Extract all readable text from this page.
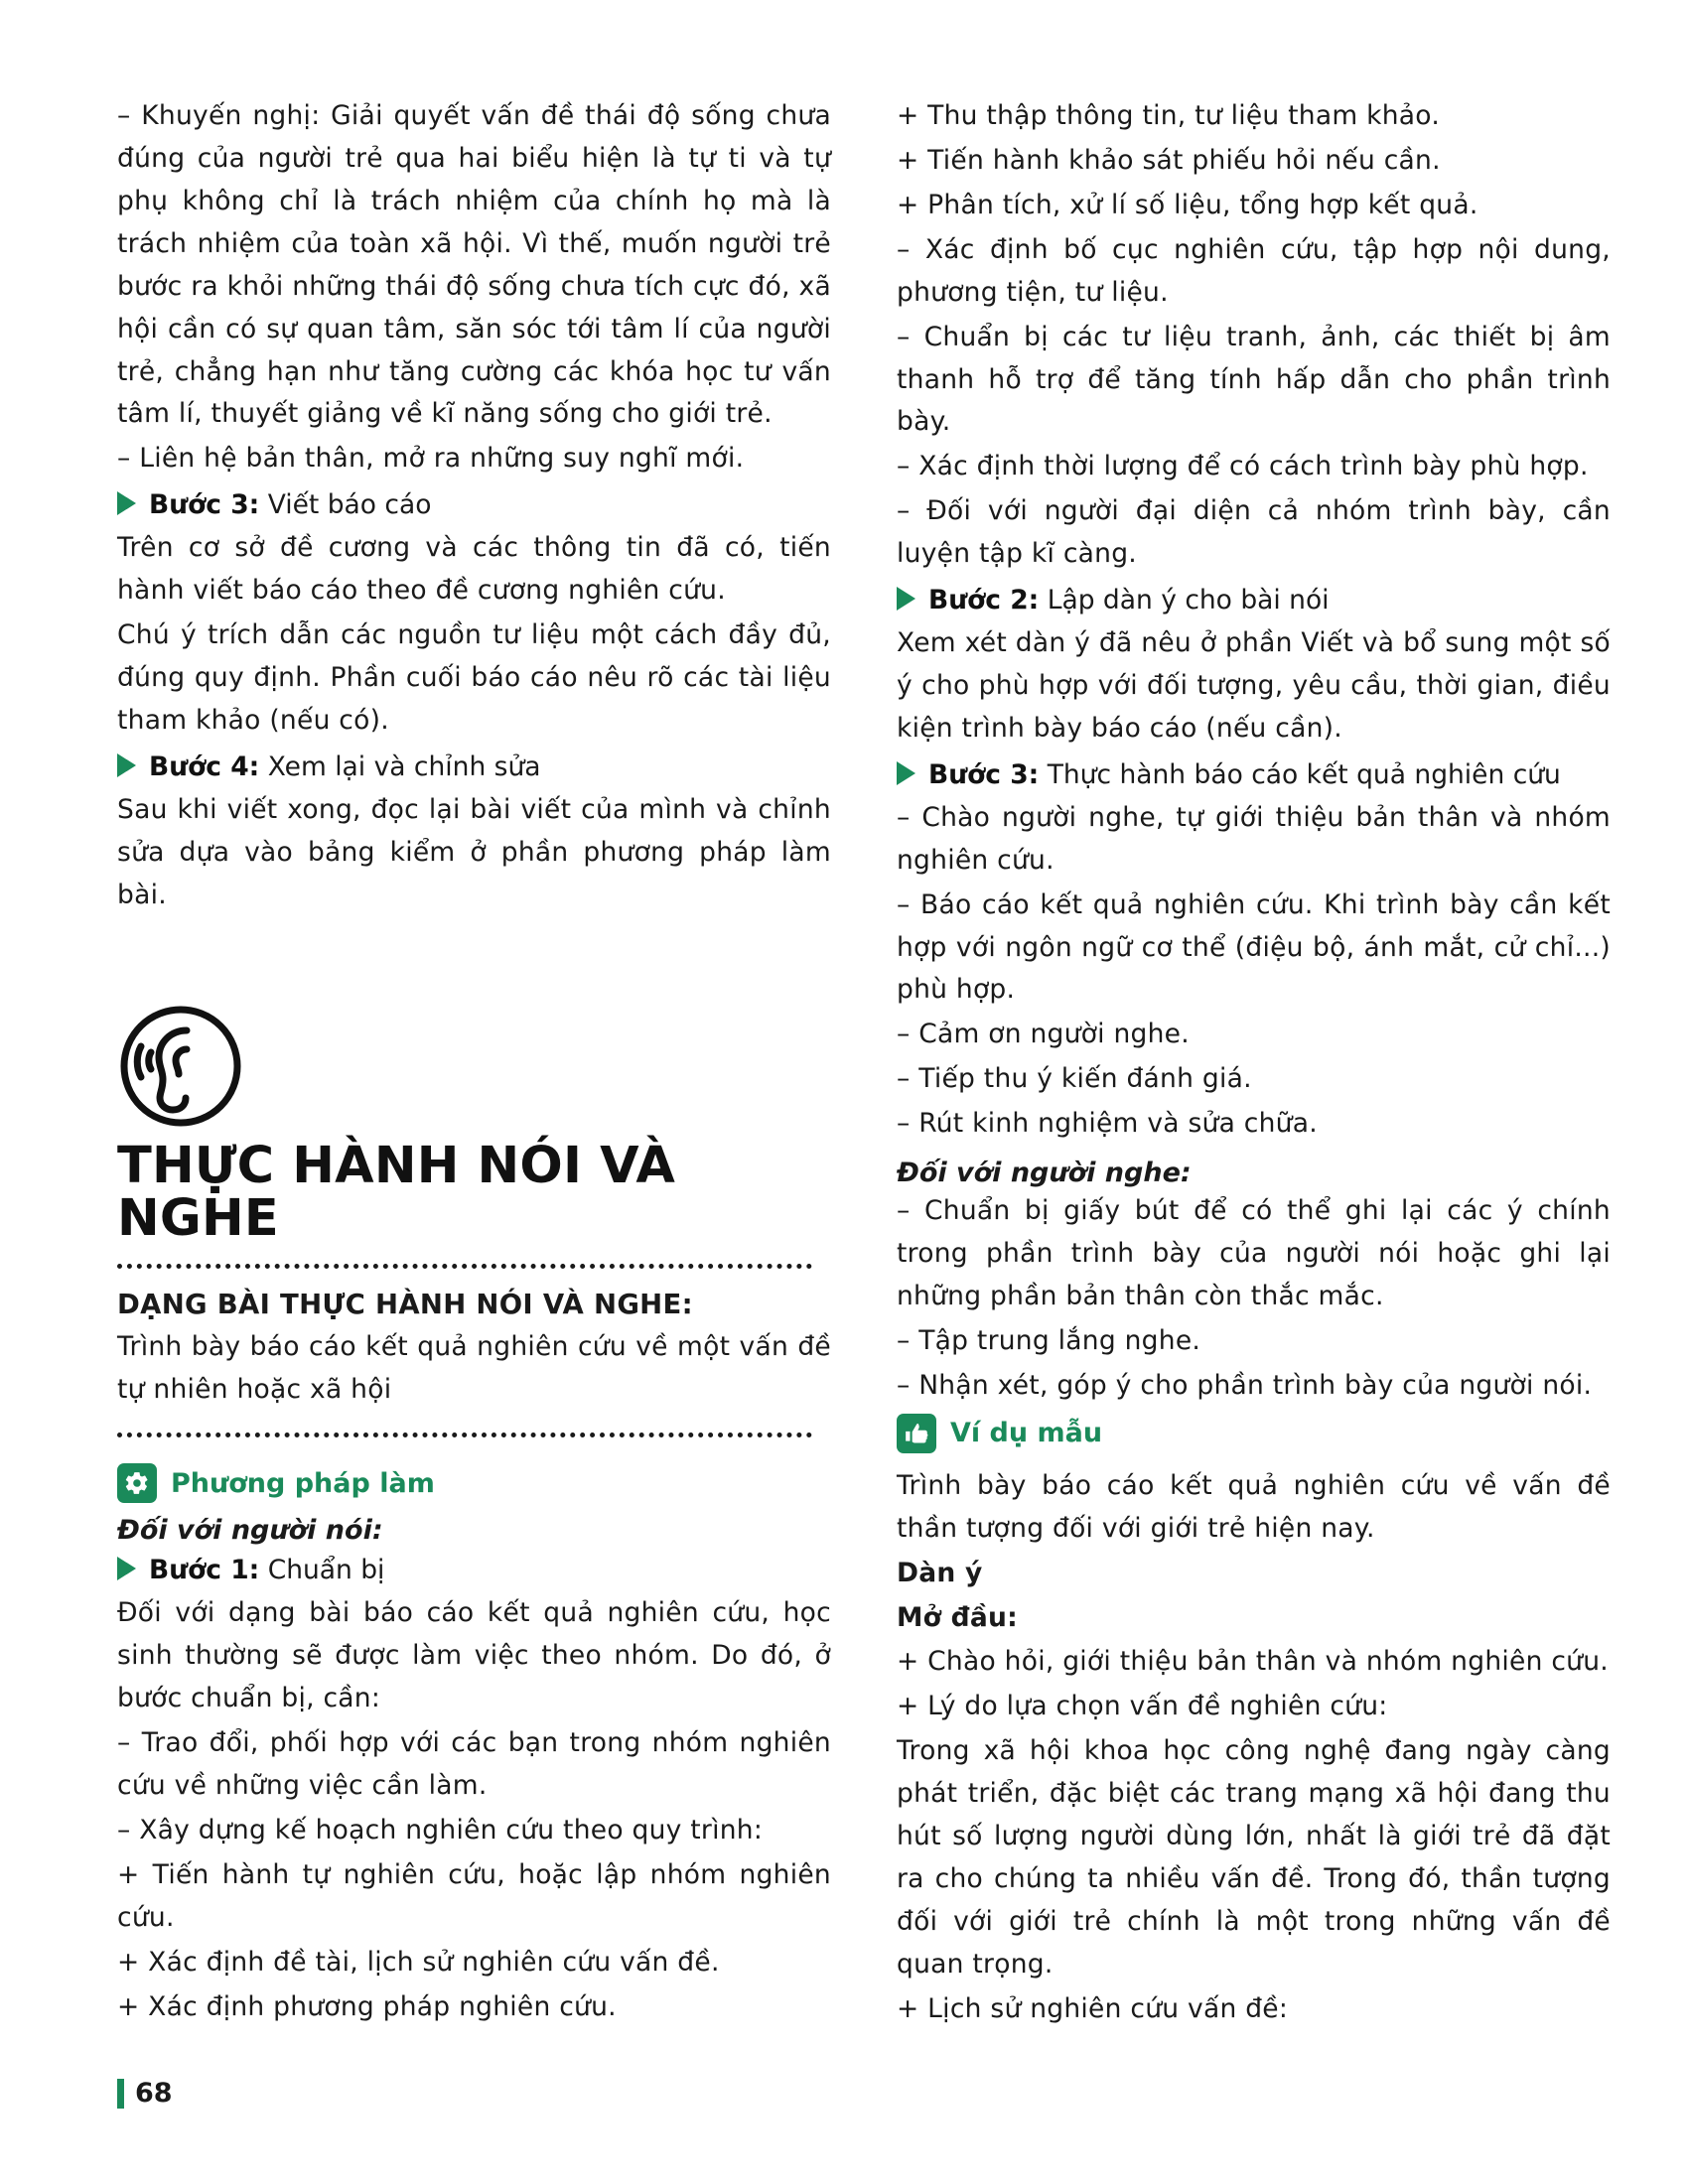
– Khuyến nghị: Giải quyết vấn đề thái độ sống chưa đúng của người trẻ qua hai biểu hiện là tự ti và tự phụ không chỉ là trách nhiệm của chính họ mà là trách nhiệm của toàn xã hội. Vì thế, muốn người trẻ bước ra khỏi những thái độ sống chưa tích cực đó, xã hội cần có sự quan tâm, săn sóc tới tâm lí của người trẻ, chẳng hạn như tăng cường các khóa học tư vấn tâm lí, thuyết giảng về kĩ năng sống cho giới trẻ.

– Liên hệ bản thân, mở ra những suy nghĩ mới.

Bước 3: Viết báo cáo

Trên cơ sở đề cương và các thông tin đã có, tiến hành viết báo cáo theo đề cương nghiên cứu.

Chú ý trích dẫn các nguồn tư liệu một cách đầy đủ, đúng quy định. Phần cuối báo cáo nêu rõ các tài liệu tham khảo (nếu có).

Bước 4: Xem lại và chỉnh sửa

Sau khi viết xong, đọc lại bài viết của mình và chỉnh sửa dựa vào bảng kiểm ở phần phương pháp làm bài.

THỰC HÀNH NÓI VÀ NGHE
DẠNG BÀI THỰC HÀNH NÓI VÀ NGHE:

Trình bày báo cáo kết quả nghiên cứu về một vấn đề tự nhiên hoặc xã hội

Phương pháp làm
Đối với người nói:
Bước 1: Chuẩn bị

Đối với dạng bài báo cáo kết quả nghiên cứu, học sinh thường sẽ được làm việc theo nhóm. Do đó, ở bước chuẩn bị, cần:

– Trao đổi, phối hợp với các bạn trong nhóm nghiên cứu về những việc cần làm.

– Xây dựng kế hoạch nghiên cứu theo quy trình:

+ Tiến hành tự nghiên cứu, hoặc lập nhóm nghiên cứu.

+ Xác định đề tài, lịch sử nghiên cứu vấn đề.

+ Xác định phương pháp nghiên cứu.

+ Thu thập thông tin, tư liệu tham khảo.

+ Tiến hành khảo sát phiếu hỏi nếu cần.

+ Phân tích, xử lí số liệu, tổng hợp kết quả.

– Xác định bố cục nghiên cứu, tập hợp nội dung, phương tiện, tư liệu.

– Chuẩn bị các tư liệu tranh, ảnh, các thiết bị âm thanh hỗ trợ để tăng tính hấp dẫn cho phần trình bày.

– Xác định thời lượng để có cách trình bày phù hợp.

– Đối với người đại diện cả nhóm trình bày, cần luyện tập kĩ càng.

Bước 2: Lập dàn ý cho bài nói

Xem xét dàn ý đã nêu ở phần Viết và bổ sung một số ý cho phù hợp với đối tượng, yêu cầu, thời gian, điều kiện trình bày báo cáo (nếu cần).

Bước 3: Thực hành báo cáo kết quả nghiên cứu

– Chào người nghe, tự giới thiệu bản thân và nhóm nghiên cứu.

– Báo cáo kết quả nghiên cứu. Khi trình bày cần kết hợp với ngôn ngữ cơ thể (điệu bộ, ánh mắt, cử chỉ...) phù hợp.

– Cảm ơn người nghe.

– Tiếp thu ý kiến đánh giá.

– Rút kinh nghiệm và sửa chữa.

Đối với người nghe:

– Chuẩn bị giấy bút để có thể ghi lại các ý chính trong phần trình bày của người nói hoặc ghi lại những phần bản thân còn thắc mắc.

– Tập trung lắng nghe.

– Nhận xét, góp ý cho phần trình bày của người nói.

Ví dụ mẫu

Trình bày báo cáo kết quả nghiên cứu về vấn đề thần tượng đối với giới trẻ hiện nay.

Dàn ý

Mở đầu:

+ Chào hỏi, giới thiệu bản thân và nhóm nghiên cứu.

+ Lý do lựa chọn vấn đề nghiên cứu:

Trong xã hội khoa học công nghệ đang ngày càng phát triển, đặc biệt các trang mạng xã hội đang thu hút số lượng người dùng lớn, nhất là giới trẻ đã đặt ra cho chúng ta nhiều vấn đề. Trong đó, thần tượng đối với giới trẻ chính là một trong những vấn đề quan trọng.

+ Lịch sử nghiên cứu vấn đề:

68
